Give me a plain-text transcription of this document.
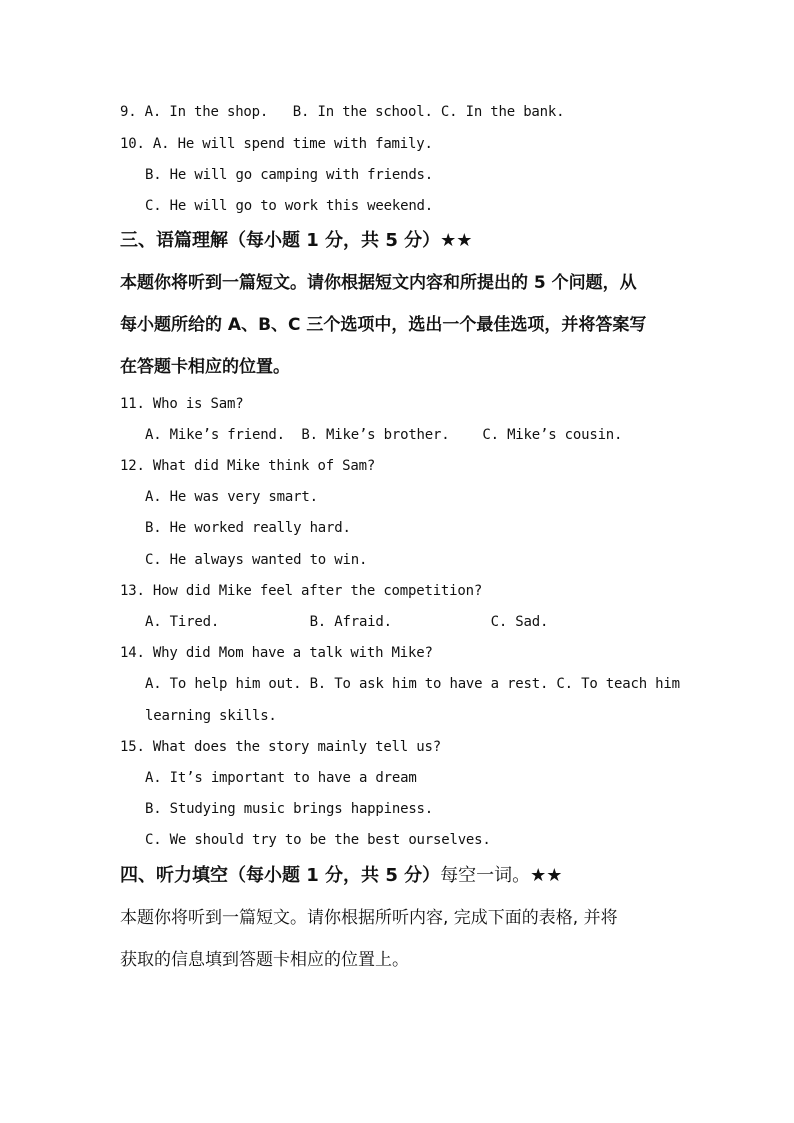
9. A. In the shop.   B. In the school. C. In the bank.
10. A. He will spend time with family.
B. He will go camping with friends.
C. He will go to work this weekend.
三、语篇理解（每小题 1 分，共 5 分）★★
本题你将听到一篇短文。请你根据短文内容和所提出的 5 个问题，从
每小题所给的 A、B、C 三个选项中，选出一个最佳选项，并将答案写
在答题卡相应的位置。
11. Who is Sam?
A. Mike’s friend.  B. Mike’s brother.    C. Mike’s cousin.
12. What did Mike think of Sam?
A. He was very smart.
B. He worked really hard.
C. He always wanted to win.
13. How did Mike feel after the competition?
A. Tired.           B. Afraid.            C. Sad.
14. Why did Mom have a talk with Mike?
A. To help him out. B. To ask him to have a rest. C. To teach him
learning skills.
15. What does the story mainly tell us?
A. It’s important to have a dream
B. Studying music brings happiness.
C. We should try to be the best ourselves.
四、听力填空（每小题 1 分，共 5 分）每空一词。★★
本题你将听到一篇短文。请你根据所听内容, 完成下面的表格, 并将
获取的信息填到答题卡相应的位置上。
